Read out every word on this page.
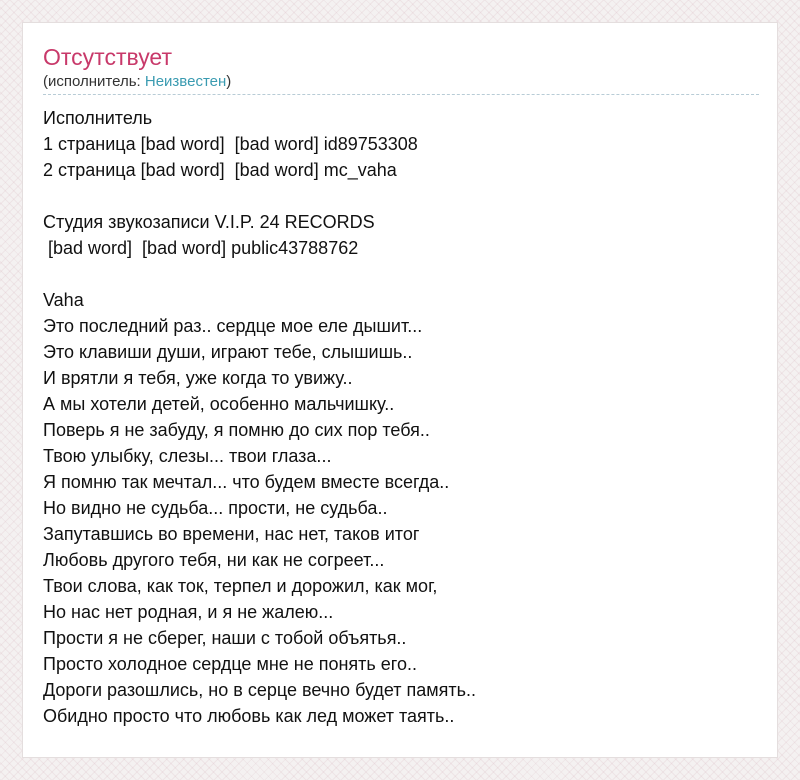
Отсутствует
(исполнитель: Неизвестен)
Исполнитель
1 страница [bad word]  [bad word] id89753308
2 страница [bad word]  [bad word] mc_vaha
Студия звукозаписи V.I.P. 24 RECORDS
[bad word]  [bad word] public43788762
Vaha
Это последний раз.. сердце мое еле дышит...
Это клавиши души, играют тебе, слышишь..
И врятли я тебя, уже когда то увижу..
А мы хотели детей, особенно мальчишку..
Поверь я не забуду, я помню до сих пор тебя..
Твою улыбку, слезы... твои глаза...
Я помню так мечтал... что будем вместе всегда..
Но видно не судьба... прости, не судьба..
Запутавшись во времени, нас нет, таков итог
Любовь другого тебя, ни как не согреет...
Твои слова, как ток, терпел и дорожил, как мог,
Но нас нет родная, и я не жалею...
Прости я не сберег, наши с тобой объятья..
Просто холодное сердце мне не понять его..
Дороги разошлись, но в серце вечно будет память..
Обидно просто что любовь как лед может таять..
